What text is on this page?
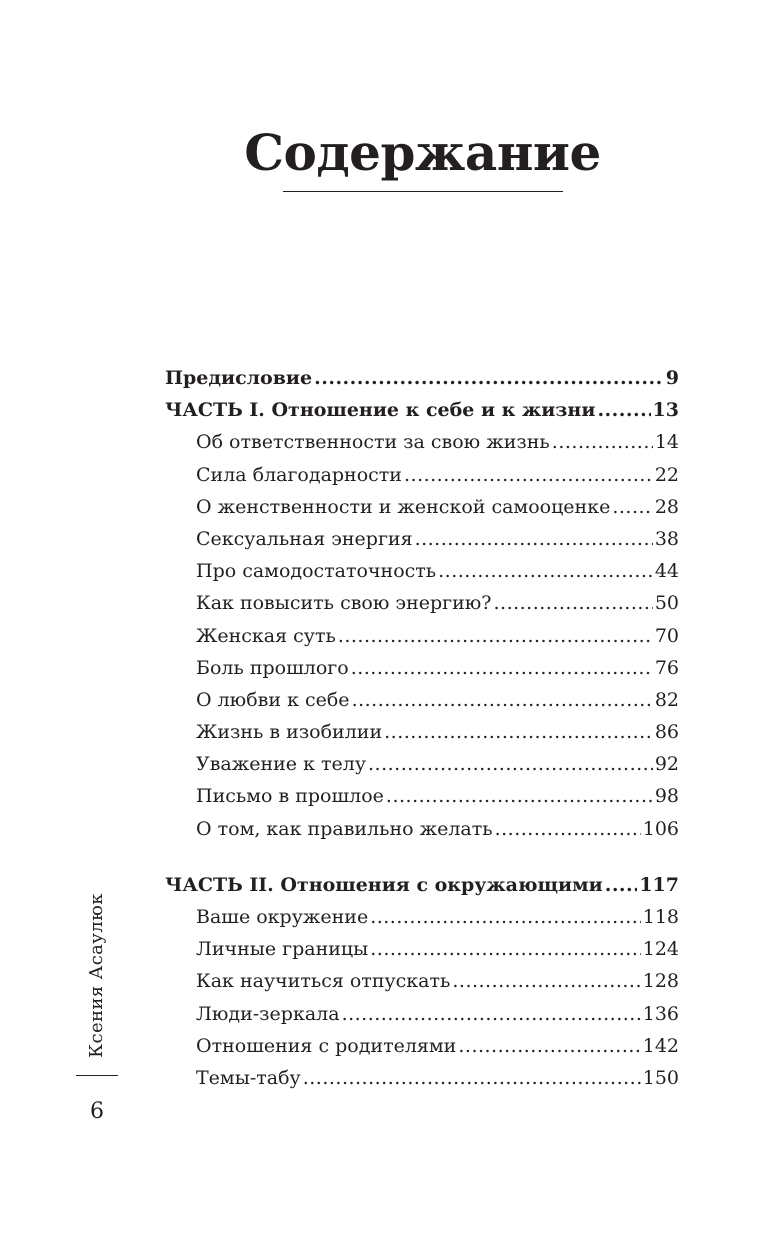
Содержание
Предисловие .....	9
ЧАСТЬ I. Отношение к себе и к жизни .....	13
Об ответственности за свою жизнь .....	14
Сила благодарности .....	22
О женственности и женской самооценке ..... 28
Сексуальная энергия .....	38
Про самодостаточность .....	44
Как повысить свою энергию? .....	50
Женская суть .....	70
Боль прошлого .....	76
О любви к себе .....	82
Жизнь в изобилии .....	86
Уважение к телу .....	92
Письмо в прошлое .....	98
О том, как правильно желать .....	106
ЧАСТЬ II. Отношения с окружающими ..... 117
Ваше окружение .....	118
Личные границы .....	124
Как научиться отпускать .....	128
Люди-зеркала .....	136
Отношения с родителями .....	142
Темы-табу .....	150
Ксения Асаулюк
6
